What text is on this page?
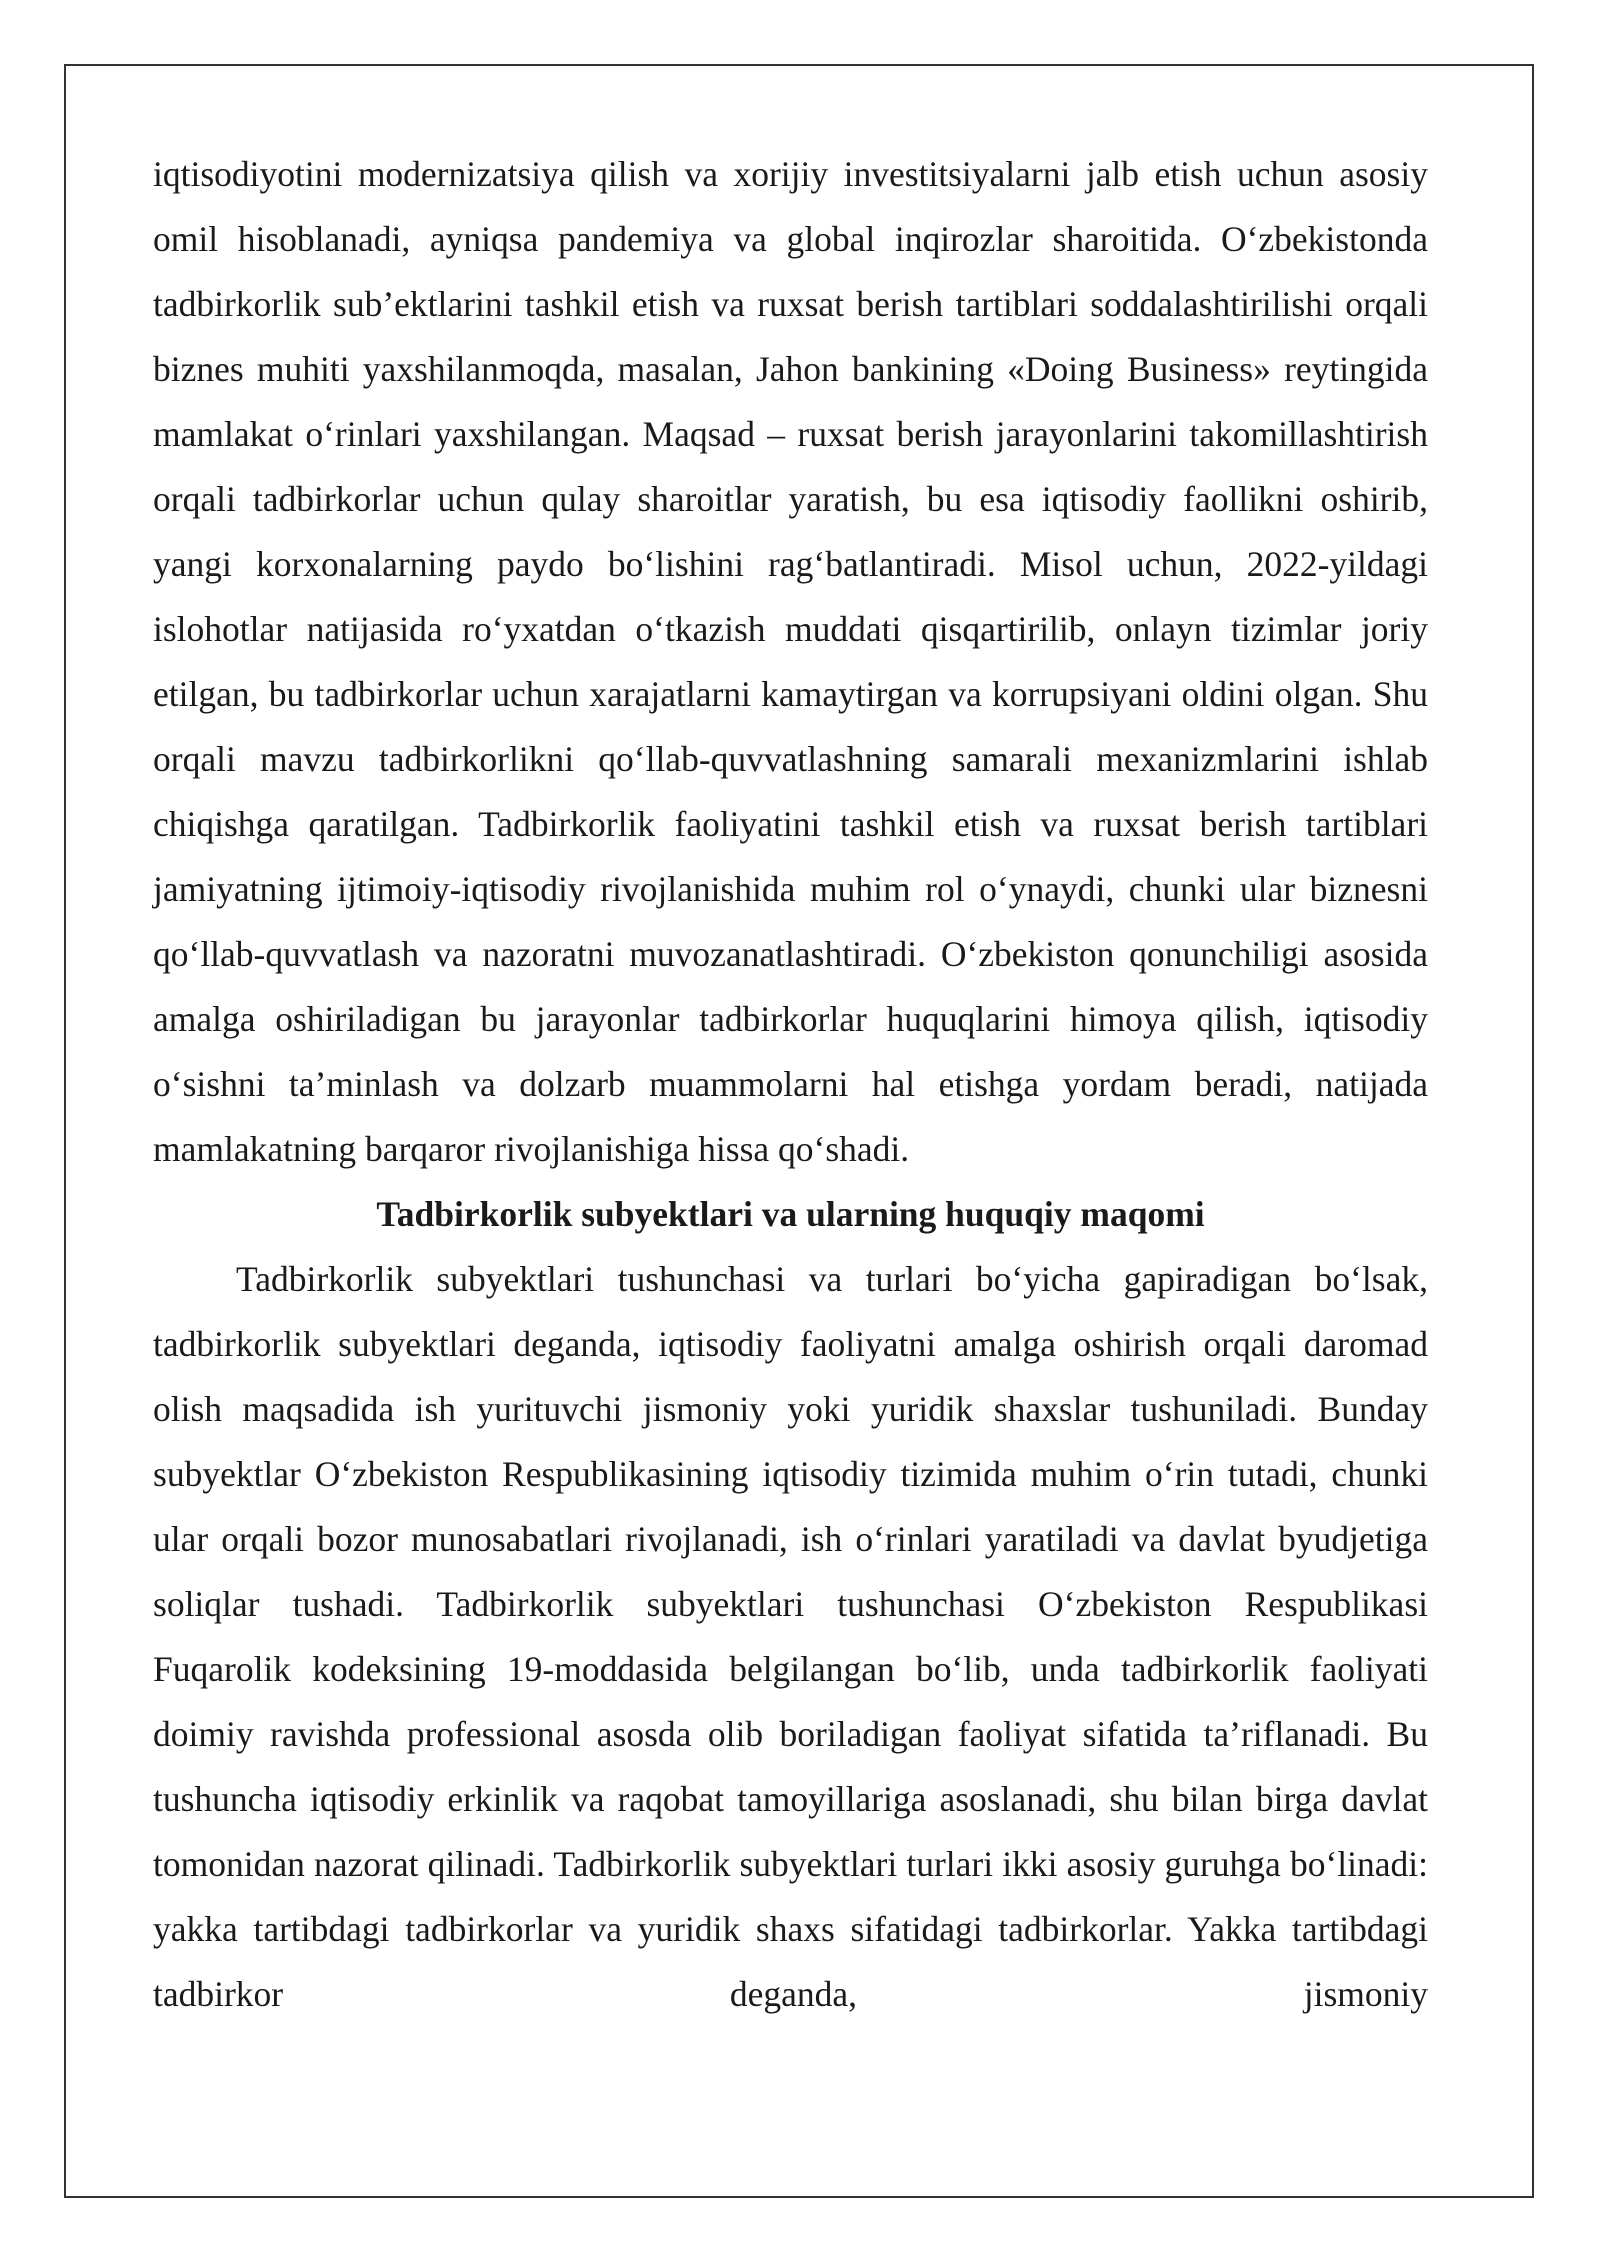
iqtisodiyotini modernizatsiya qilish va xorijiy investitsiyalarni jalb etish uchun asosiy omil hisoblanadi, ayniqsa pandemiya va global inqirozlar sharoitida. O‘zbekistonda tadbirkorlik sub’ektlarini tashkil etish va ruxsat berish tartiblari soddalashtirilishi orqali biznes muhiti yaxshilanmoqda, masalan, Jahon bankining «Doing Business» reytingida mamlakat o‘rinlari yaxshilangan. Maqsad – ruxsat berish jarayonlarini takomillashtirish orqali tadbirkorlar uchun qulay sharoitlar yaratish, bu esa iqtisodiy faollikni oshirib, yangi korxonalarning paydo bo‘lishini rag‘batlantiradi. Misol uchun, 2022-yildagi islohotlar natijasida ro‘yxatdan o‘tkazish muddati qisqartirilib, onlayn tizimlar joriy etilgan, bu tadbirkorlar uchun xarajatlarni kamaytirgan va korrupsiyani oldini olgan. Shu orqali mavzu tadbirkorlikni qo‘llab-quvvatlashning samarali mexanizmlarini ishlab chiqishga qaratilgan. Tadbirkorlik faoliyatini tashkil etish va ruxsat berish tartiblari jamiyatning ijtimoiy-iqtisodiy rivojlanishida muhim rol o‘ynaydi, chunki ular biznesni qo‘llab-quvvatlash va nazoratni muvozanatlashtiradi. O‘zbekiston qonunchiligi asosida amalga oshiriladigan bu jarayonlar tadbirkorlar huquqlarini himoya qilish, iqtisodiy o‘sishni ta’minlash va dolzarb muammolarni hal etishga yordam beradi, natijada mamlakatning barqaror rivojlanishiga hissa qo‘shadi.

Tadbirkorlik subyektlari va ularning huquqiy maqomi

Tadbirkorlik subyektlari tushunchasi va turlari bo‘yicha gapiradigan bo‘lsak, tadbirkorlik subyektlari deganda, iqtisodiy faoliyatni amalga oshirish orqali daromad olish maqsadida ish yurituvchi jismoniy yoki yuridik shaxslar tushuniladi. Bunday subyektlar O‘zbekiston Respublikasining iqtisodiy tizimida muhim o‘rin tutadi, chunki ular orqali bozor munosabatlari rivojlanadi, ish o‘rinlari yaratiladi va davlat byudjetiga soliqlar tushadi. Tadbirkorlik subyektlari tushunchasi O‘zbekiston Respublikasi Fuqarolik kodeksining 19-moddasida belgilangan bo‘lib, unda tadbirkorlik faoliyati doimiy ravishda professional asosda olib boriladigan faoliyat sifatida ta’riflanadi. Bu tushuncha iqtisodiy erkinlik va raqobat tamoyillariga asoslanadi, shu bilan birga davlat tomonidan nazorat qilinadi. Tadbirkorlik subyektlari turlari ikki asosiy guruhga bo‘linadi: yakka tartibdagi tadbirkorlar va yuridik shaxs sifatidagi tadbirkorlar. Yakka tartibdagi tadbirkor deganda, jismoniy
